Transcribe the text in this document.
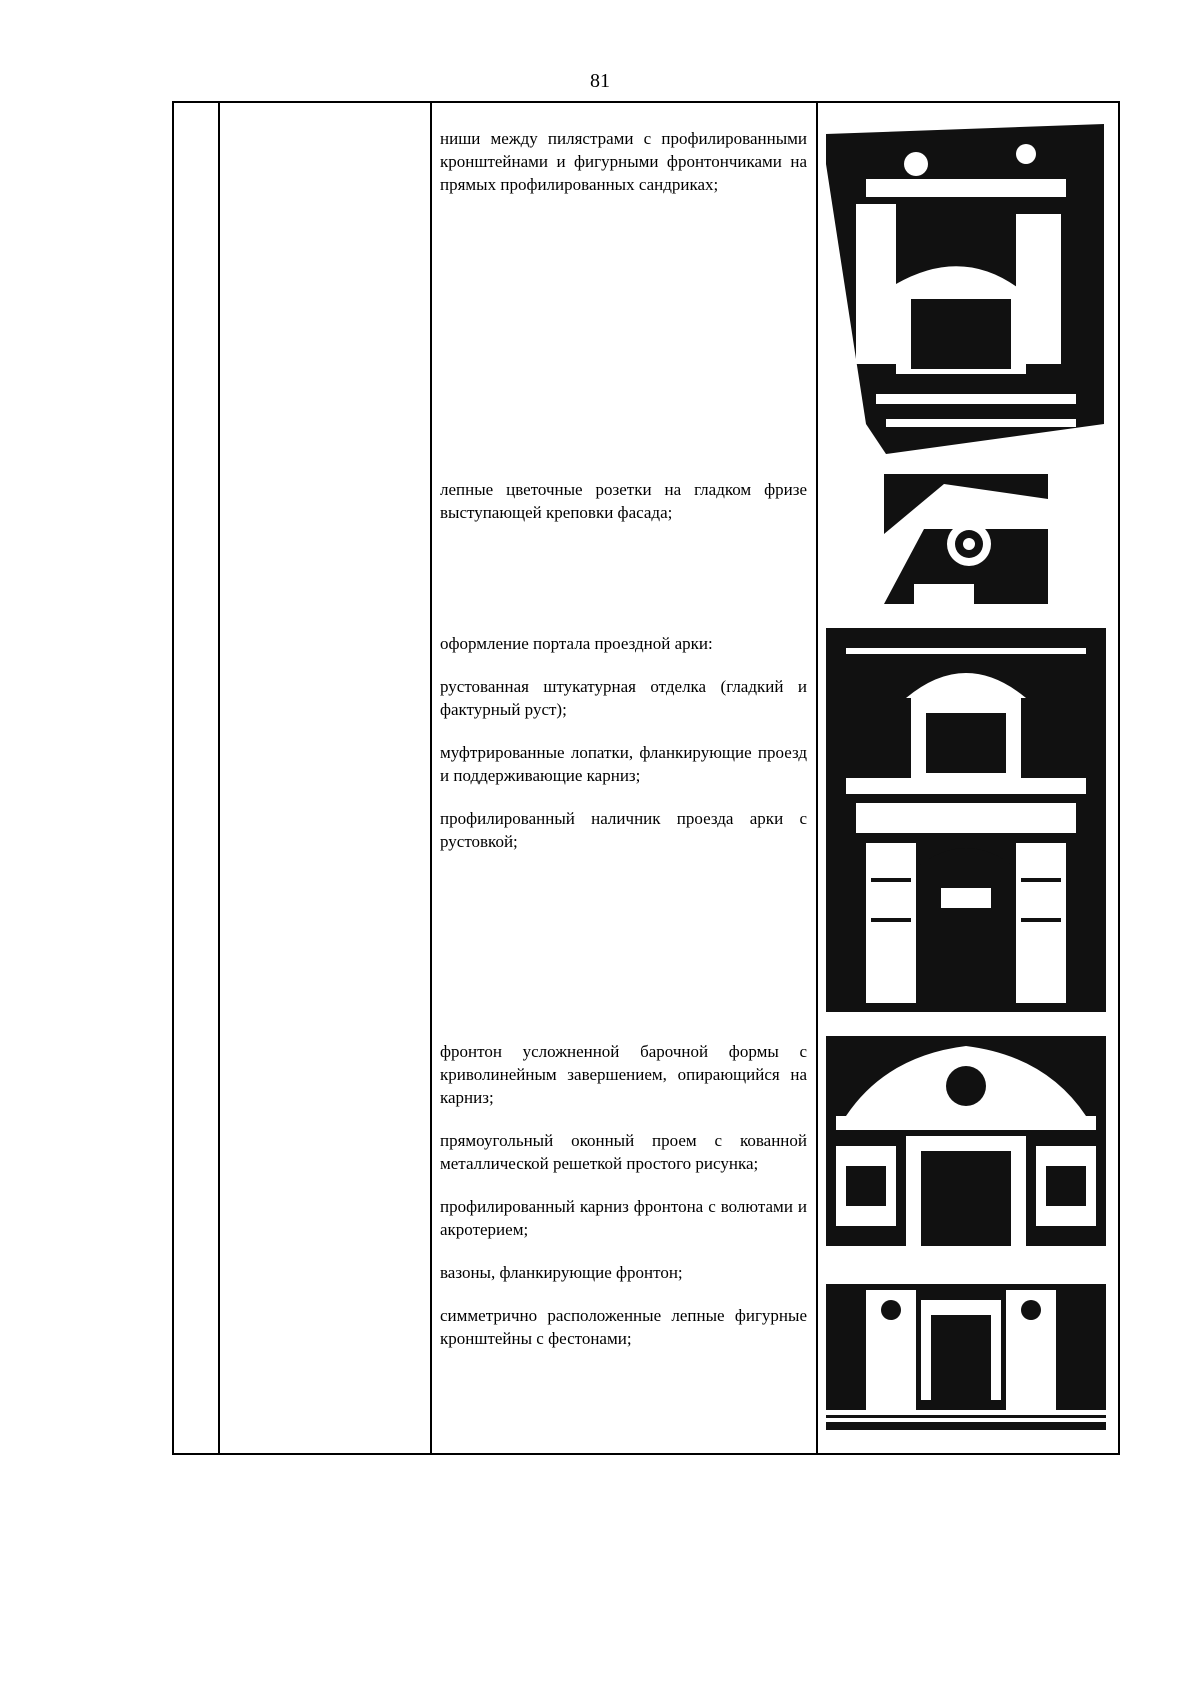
81

ниши между пилястрами с профилированными кронштейнами и фигурными фронтончиками на прямых профилированных сандриках;

лепные цветочные розетки на гладком фризе выступающей креповки фасада;

оформление портала проездной арки:

рустованная штукатурная отделка (гладкий и фактурный руст);

муфтрированные лопатки, фланкирующие проезд и поддерживающие карниз;

профилированный наличник проезда арки с рустовкой;

фронтон усложненной барочной формы с криволинейным завершением, опирающийся на карниз;

прямоугольный оконный проем с кованной металлической решеткой простого рисунка;

профилированный карниз фронтона с волютами и акротерием;

вазоны, фланкирующие фронтон;

симметрично расположенные лепные фигурные кронштейны с фестонами;
